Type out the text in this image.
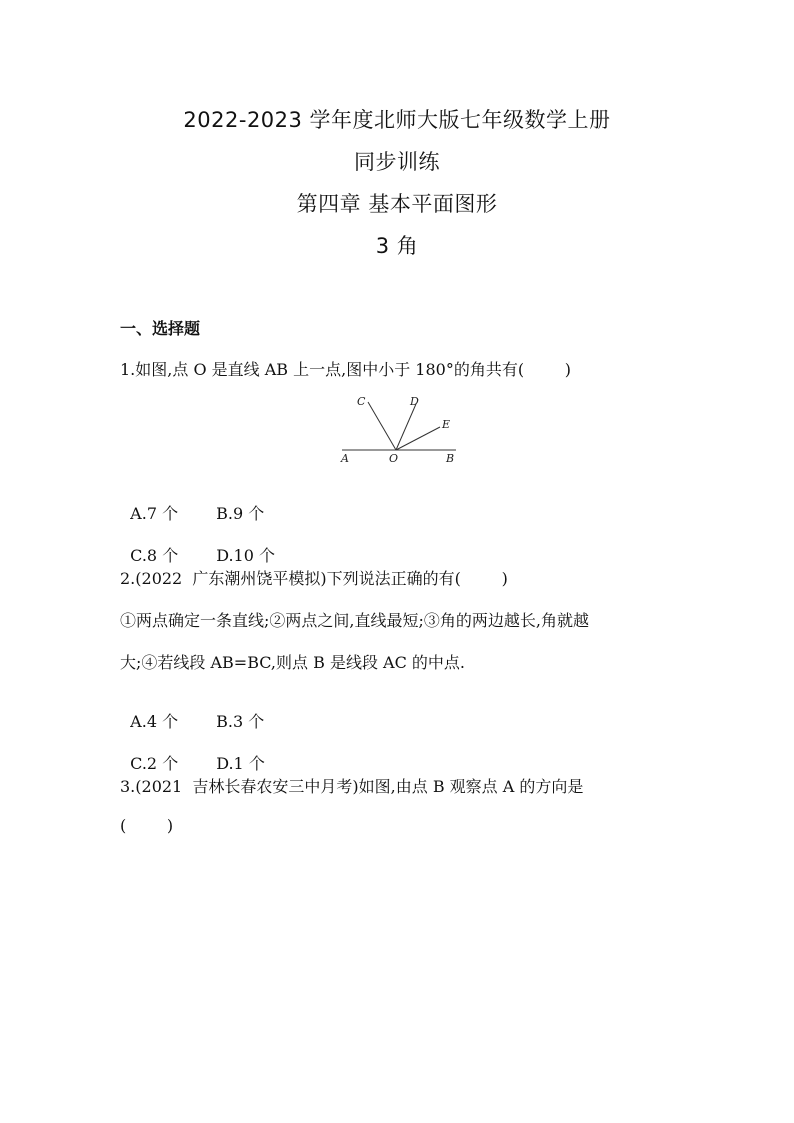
2022-2023 学年度北师大版七年级数学上册
同步训练
第四章 基本平面图形
3 角
一、选择题
1.如图,点 O 是直线 AB 上一点,图中小于 180°的角共有(        )
A	O	B
C	D
E

A.7 个 B.9 个

C.8 个 D.10 个

2.(2022  广东潮州饶平模拟)下列说法正确的有(        )
①两点确定一条直线;②两点之间,直线最短;③角的两边越长,角就越
大;④若线段 AB=BC,则点 B 是线段 AC 的中点.

A.4 个 B.3 个

C.2 个 D.1 个

3.(2021  吉林长春农安三中月考)如图,由点 B 观察点 A 的方向是
(        )
